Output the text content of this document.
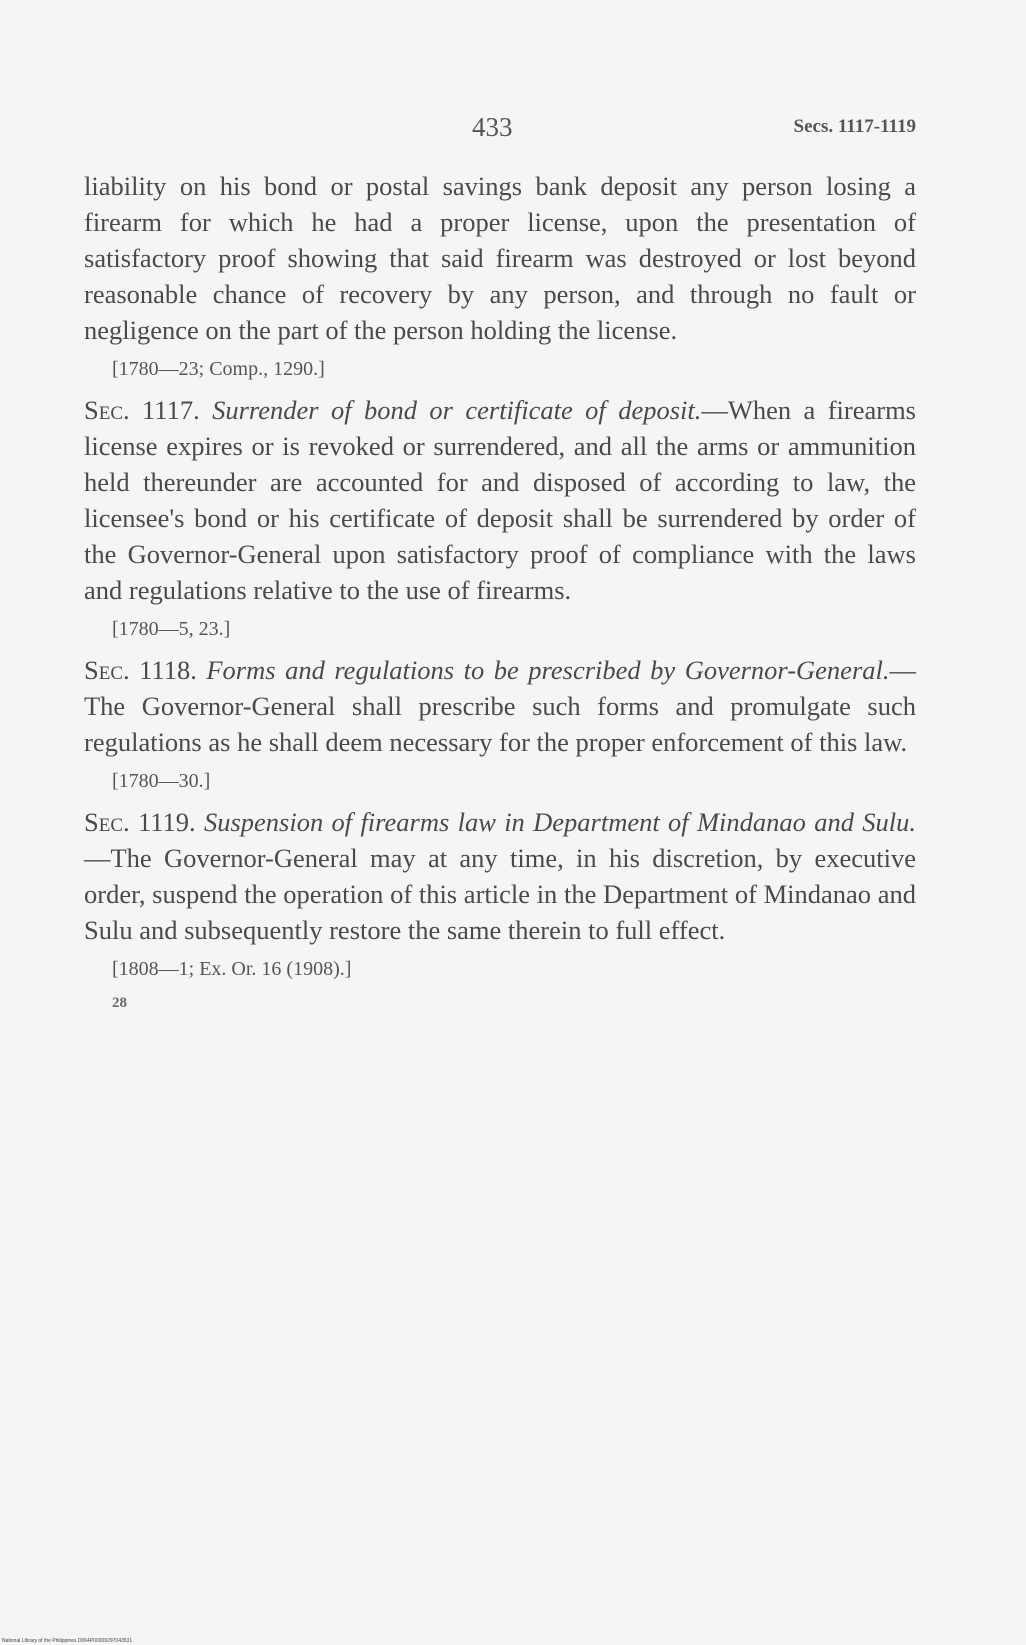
433	Secs. 1117-1119

liability on his bond or postal savings bank deposit any person losing a firearm for which he had a proper license, upon the presentation of satisfactory proof showing that said firearm was destroyed or lost beyond reasonable chance of recovery by any person, and through no fault or negligence on the part of the person holding the license.

[1780—23; Comp., 1290.]

Sec. 1117. Surrender of bond or certificate of deposit.—When a firearms license expires or is revoked or surrendered, and all the arms or ammunition held thereunder are accounted for and disposed of according to law, the licensee's bond or his certificate of deposit shall be surrendered by order of the Governor-General upon satisfactory proof of compliance with the laws and regulations relative to the use of firearms.

[1780—5, 23.]

Sec. 1118. Forms and regulations to be prescribed by Governor-General.—The Governor-General shall prescribe such forms and promulgate such regulations as he shall deem necessary for the proper enforcement of this law.

[1780—30.]

Sec. 1119. Suspension of firearms law in Department of Mindanao and Sulu.—The Governor-General may at any time, in his discretion, by executive order, suspend the operation of this article in the Department of Mindanao and Sulu and subsequently restore the same therein to full effect.

[1808—1; Ex. Or. 16 (1908).]

28

National Library of the Philippines D064P00009297043531
